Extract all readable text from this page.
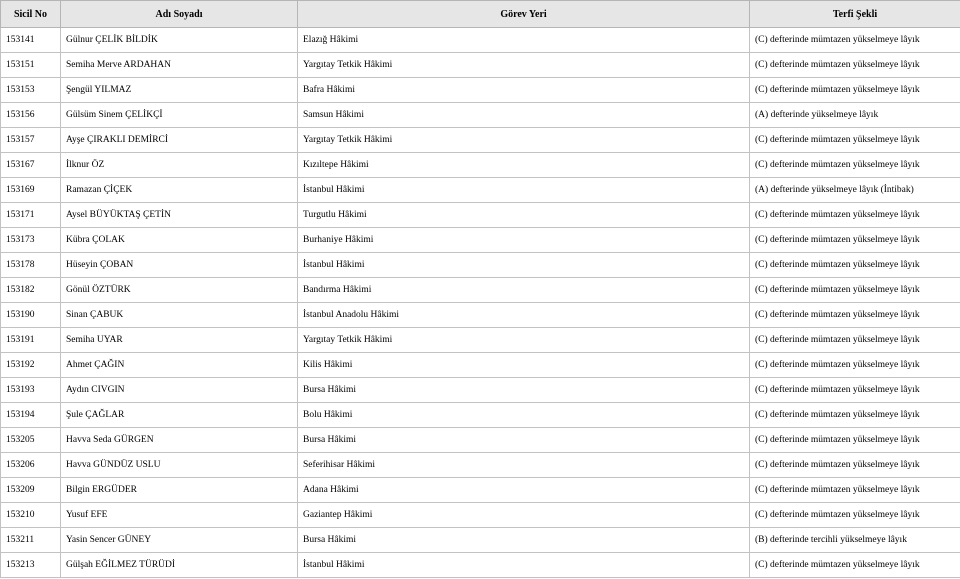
Sicil No	Adı Soyadı	Görev Yeri	Terfi Şekli
153141	Gülnur ÇELİK BİLDİK	Elazığ Hâkimi	(C) defterinde mümtazen yükselmeye lâyık
153151	Semiha Merve ARDAHAN	Yargıtay Tetkik Hâkimi	(C) defterinde mümtazen yükselmeye lâyık
153153	Şengül YILMAZ	Bafra Hâkimi	(C) defterinde mümtazen yükselmeye lâyık
153156	Gülsüm Sinem ÇELİKÇİ	Samsun Hâkimi	(A) defterinde yükselmeye lâyık
153157	Ayşe ÇIRAKLI DEMİRCİ	Yargıtay Tetkik Hâkimi	(C) defterinde mümtazen yükselmeye lâyık
153167	İlknur ÖZ	Kızıltepe Hâkimi	(C) defterinde mümtazen yükselmeye lâyık
153169	Ramazan ÇİÇEK	İstanbul Hâkimi	(A) defterinde yükselmeye lâyık (İntibak)
153171	Aysel BÜYÜKTAŞ ÇETİN	Turgutlu Hâkimi	(C) defterinde mümtazen yükselmeye lâyık
153173	Kübra ÇOLAK	Burhaniye Hâkimi	(C) defterinde mümtazen yükselmeye lâyık
153178	Hüseyin ÇOBAN	İstanbul Hâkimi	(C) defterinde mümtazen yükselmeye lâyık
153182	Gönül ÖZTÜRK	Bandırma Hâkimi	(C) defterinde mümtazen yükselmeye lâyık
153190	Sinan ÇABUK	İstanbul Anadolu Hâkimi	(C) defterinde mümtazen yükselmeye lâyık
153191	Semiha UYAR	Yargıtay Tetkik Hâkimi	(C) defterinde mümtazen yükselmeye lâyık
153192	Ahmet ÇAĞIN	Kilis Hâkimi	(C) defterinde mümtazen yükselmeye lâyık
153193	Aydın CIVGIN	Bursa Hâkimi	(C) defterinde mümtazen yükselmeye lâyık
153194	Şule ÇAĞLAR	Bolu Hâkimi	(C) defterinde mümtazen yükselmeye lâyık
153205	Havva Seda GÜRGEN	Bursa Hâkimi	(C) defterinde mümtazen yükselmeye lâyık
153206	Havva GÜNDÜZ USLU	Seferihisar Hâkimi	(C) defterinde mümtazen yükselmeye lâyık
153209	Bilgin ERGÜDER	Adana Hâkimi	(C) defterinde mümtazen yükselmeye lâyık
153210	Yusuf EFE	Gaziantep Hâkimi	(C) defterinde mümtazen yükselmeye lâyık
153211	Yasin Sencer GÜNEY	Bursa Hâkimi	(B) defterinde tercihli yükselmeye lâyık
153213	Gülşah EĞİLMEZ TÜRÜDİ	İstanbul Hâkimi	(C) defterinde mümtazen yükselmeye lâyık
